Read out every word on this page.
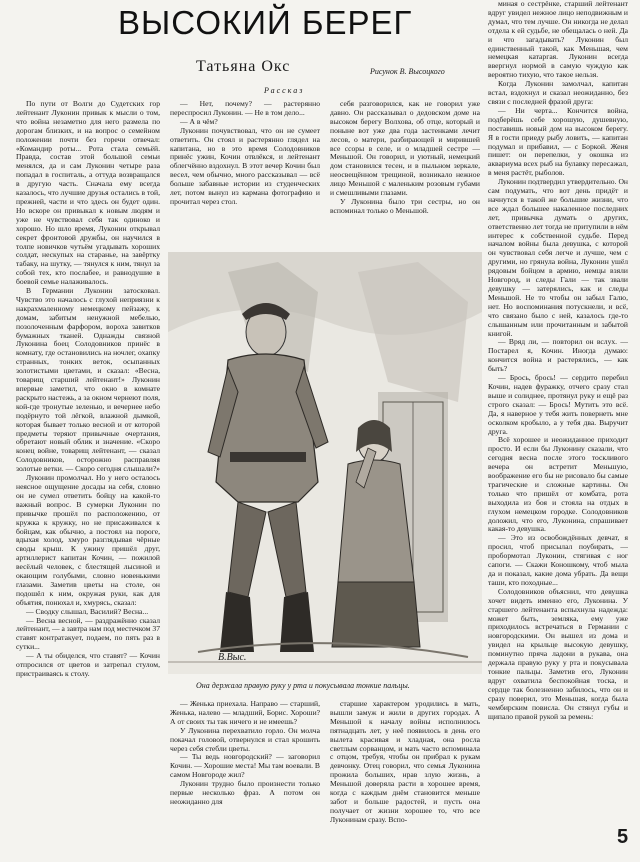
ВЫСОКИЙ БЕРЕГ
Татьяна Окс	Рисунок В. Высоцкого
Рассказ

По пути от Волги до Судетских гор лейтенант Луконин привык к мысли о том, что война незаметно для него размела по дорогам близких, и на вопрос о семейном положении почти без горечи отвечал: «Командир роты... Рота стала семьёй. Правда, состав этой большой семьи менялся, да и сам Луконин четыре раза попадал в госпиталь, а оттуда возвращался в другую часть. Сначала ему всегда казалось, что лучшие друзья остались в той, прежней, части и что здесь он будет один. Но вскоре он привыкал к новым людям и уже не чувствовал себя так одиноко и хорошо. Но шло время, Луконин открывал секрет фронтовой дружбы, он научился в толпе новичков чутьём угадывать хороших солдат, нескупых на старанье, на завёртку табаку, на шутку, — тянулся к ним, тянул за собой тех, кто послабее, и равнодушие в боевой семье налаживалось.

В Германии Луконин затосковал. Чувство это началось с глухой неприязни к накрахмаленному немецкому пейзажу, к домам, забитым ненужной мебелью, позолоченным фарфором, вороха завитков бумажных тканей. Однажды связной Луконина боец Солодовников принёс в комнату, где остановились на ночлег, охапку странных, тонких веток, осыпанных золотистыми цветами, и сказал: «Весна, товарищ старший лейтенант!» Луконин впервые заметил, что окно в комнате раскрыто настежь, а за окном чернеют поля, кой-где тронутые зеленью, и вечернее небо подёрнуто той лёгкой, влажной дымкой, которая бывает только весной и от которой предметы теряют привычные очертания, обретают новый облик и значение. «Скоро конец войне, товарищ лейтенант, — сказал Солодовников, осторожно расправляя золотые ветки. — Скоро сегодня слышали?»

Луконин промолчал. Но у него осталось неясное ощущение досады на себя, словно он не сумел ответить бойцу на какой-то важный вопрос. В сумерки Луконин по привычке прошёл по расположению, от кружка к кружку, но не присаживался к бойцам, как обычно, а постоял на пороге, вдыхая холод, хмуро разглядывая чёрные своды крыш. К ужину пришёл друг, артиллерист капитан Кочин, — пожилой весёлый человек, с блестящей лысиной и окающим голубыми, словно новенькими глазами. Заметив цветы на столе, он подошёл к ним, окружая руки, как для объятия, понюхал и, хмурясь, сказал:

— Сводку слышал, Василий? Весна...

— Весна весной, — раздражённо сказал лейтенант, — а завтра нам под местечком 37 ставят контратакует, подаем, по пять раз в сутки...

— А ты обиделся, что ставят? — Кочин отпросился от цветов и затрепал стулом, пристраиваясь к столу.

— Нет, почему? — растерянно переспросил Луконин. — Не в том дело...

— А в чём?

Луконин почувствовал, что он не сумеет ответить. Он стоял и растерянно глядел на капитана, но в это время Солодовников принёс ужин, Кочин отвлёкся, и лейтенант облегчённо вздохнул. В этот вечер Кочин был весел, чем обычно, много рассказывал — всё больше забавные истории из студенческих лет, потом вынул из кармана фотографию и прочитал через стол.

себя разговорился, как не говорил уже давно. Он рассказывал о дедовском доме на высоком берегу Волхова, об отце, который и поныне вот уже два года застенками лечит лесов, о матери, разбирающей и мирившей все ссоры в селе, и о младшей сестре — Меньшой. Он говорил, и уютный, немецкий дом становился тесен, и в пыльном зеркале, неосвещённом трещиной, возникало нежное лицо Меньшой с маленьким розовым губами и смешливыми глазами.

У Луконина было три сестры, но он вспоминал только о Меньшой.

В.Выс.
Она держала правую руку у рта и покусывала тонкие пальцы.

— Женька приехала. Направо — старший, Женька, налево — младший, Борис. Хороши? А от своих ты так ничего и не имеешь?

У Луконина перехватило горло. Он молча покачал головой, отвернулся и стал крошить через себя стебли цветы.

— Ты ведь новгородский? — заговорил Кочин. — Хорошие места! Мы там воевали. В самом Новгороде жил?

Луконин трудно было произнести только первые несколько фраз. А потом он неожиданно для

старшие характером уродились в мать, вышли замуж и жили в других городах. А Меньшой к началу войны исполнилось пятнадцать лет, у неё появилось в день его вылета красивая и хладная, она росла светлым сорванцом, и мать часто вспоминала с отцом, требуя, чтобы он прибрал к рукам девчонку. Отец говорил, что семья Луконина прожила больших, нрав злую жизнь, а Меньшой доверяла расти в хорошее время, когда с каждым днём становится меньше забот и больше радостей, и пусть она получает от жизни хорошее то, что все Луконинам сразу. Вспо-

миная о сестрёнке, старший лейтенант вдруг увидел нежное лицо неподвижным и думал, что тем лучше. Он никогда не делал отдела к ей судьбе, не обещалась о ней. Да и что загадывать? Луконин был единственный такой, как Меньшая, чем немецкая катаргая. Луконин всегда ввергнул нормой в самую чуждую как вероятно тихую, что такое нельзя.

Когда Луконин замолчал, капитан встал, вздохнул и сказал неожиданно, без связи с последней фразой друга:

— Ни черта... Кончится война, подберёшь себе хорошую, душевную, поставишь новый дом на высоком берегу. Я в гости приеду рыбу ловить, — капитан подумал и прибавил, — с Боркой. Женя пишет: он перепелки, у окошка из аквариума всех рыб на булавку пересажал, в меня растёт, рыболов.

Луконин подтвердил утвердительно. Он сам подумать, что вот день придёт и начнутся в такой же большие жизни, что все ждал большее накаленное последних лет, привычка думать о других, ответственно лет тогда не притупили в нём интерес к собственной судьбе. Перед началом войны была девушка, с которой он чувствовал себя легче и лучше, чем с другими, но грянула война, Луконин ушёл рядовым бойцом в армию, немцы взяли Новгород, и следы Гали — так звали девушку — затерялись, как и следы Меньшой. Не то чтобы он забыл Галю, нет. Но воспоминания потускнели, и всё, что связано было с ней, казалось где-то слышанным или прочитанным и забытой книгой.

— Вряд ли, — повторил он вслух. — Постарел я, Кочин. Иногда думаю: кончится война и растерялись, — как быть?

— Брось, брось! — сердито перебил Кочин, надев фуражку, отчего сразу стал выше и солиднее, протянул руку и ещё раз строго сказал: — Брось! Мутить это всё. Да, я наверное у тебя жить повернеть мне осколком кробыло, а у тебя два. Выручит друга.

Всё хорошее и неожиданное приходит просто. И если бы Луконину сказали, что сегодня весна после этого тоскливого вечера он встретит Меньшую, воображение его бы не рисовало бы самые трагические и сложные картины. Он только что пришёл от комбата, рота выходила из боя и стояла на отдых в глухом немецком городке. Солодовников доложил, что его, Луконина, спрашивает какая-то девушка.

— Это из освобождённых девчат, я просил, чтоб присылал поубирать, — пробормотал Луконин, стягивая с ног сапоги. — Скажи Коношкому, чтоб мыла да и показал, какие дома убрать. Да вещи таши, кто походные...

Солодовников объяснил, что девушка хочет видеть именно его, Луконина. У старшего лейтенанта вспыхнула надежда: может быть, земляка, ему уже приходилось встречаться в Германии с новгородскими. Он вышел из дома и увидел на крыльце высокую девушку, поминутно пряча ладони в рукава, она держала правую руку у рта и покусывала тонкие пальцы. Заметив его, Луконин вдруг охватила беспокойная тоска, и сердце так болезненно забилось, что он и сразу поверил, это Меньшая, когда была чембирским повисла. Он стянул губы и щипало правой рукой за ремень:

5
